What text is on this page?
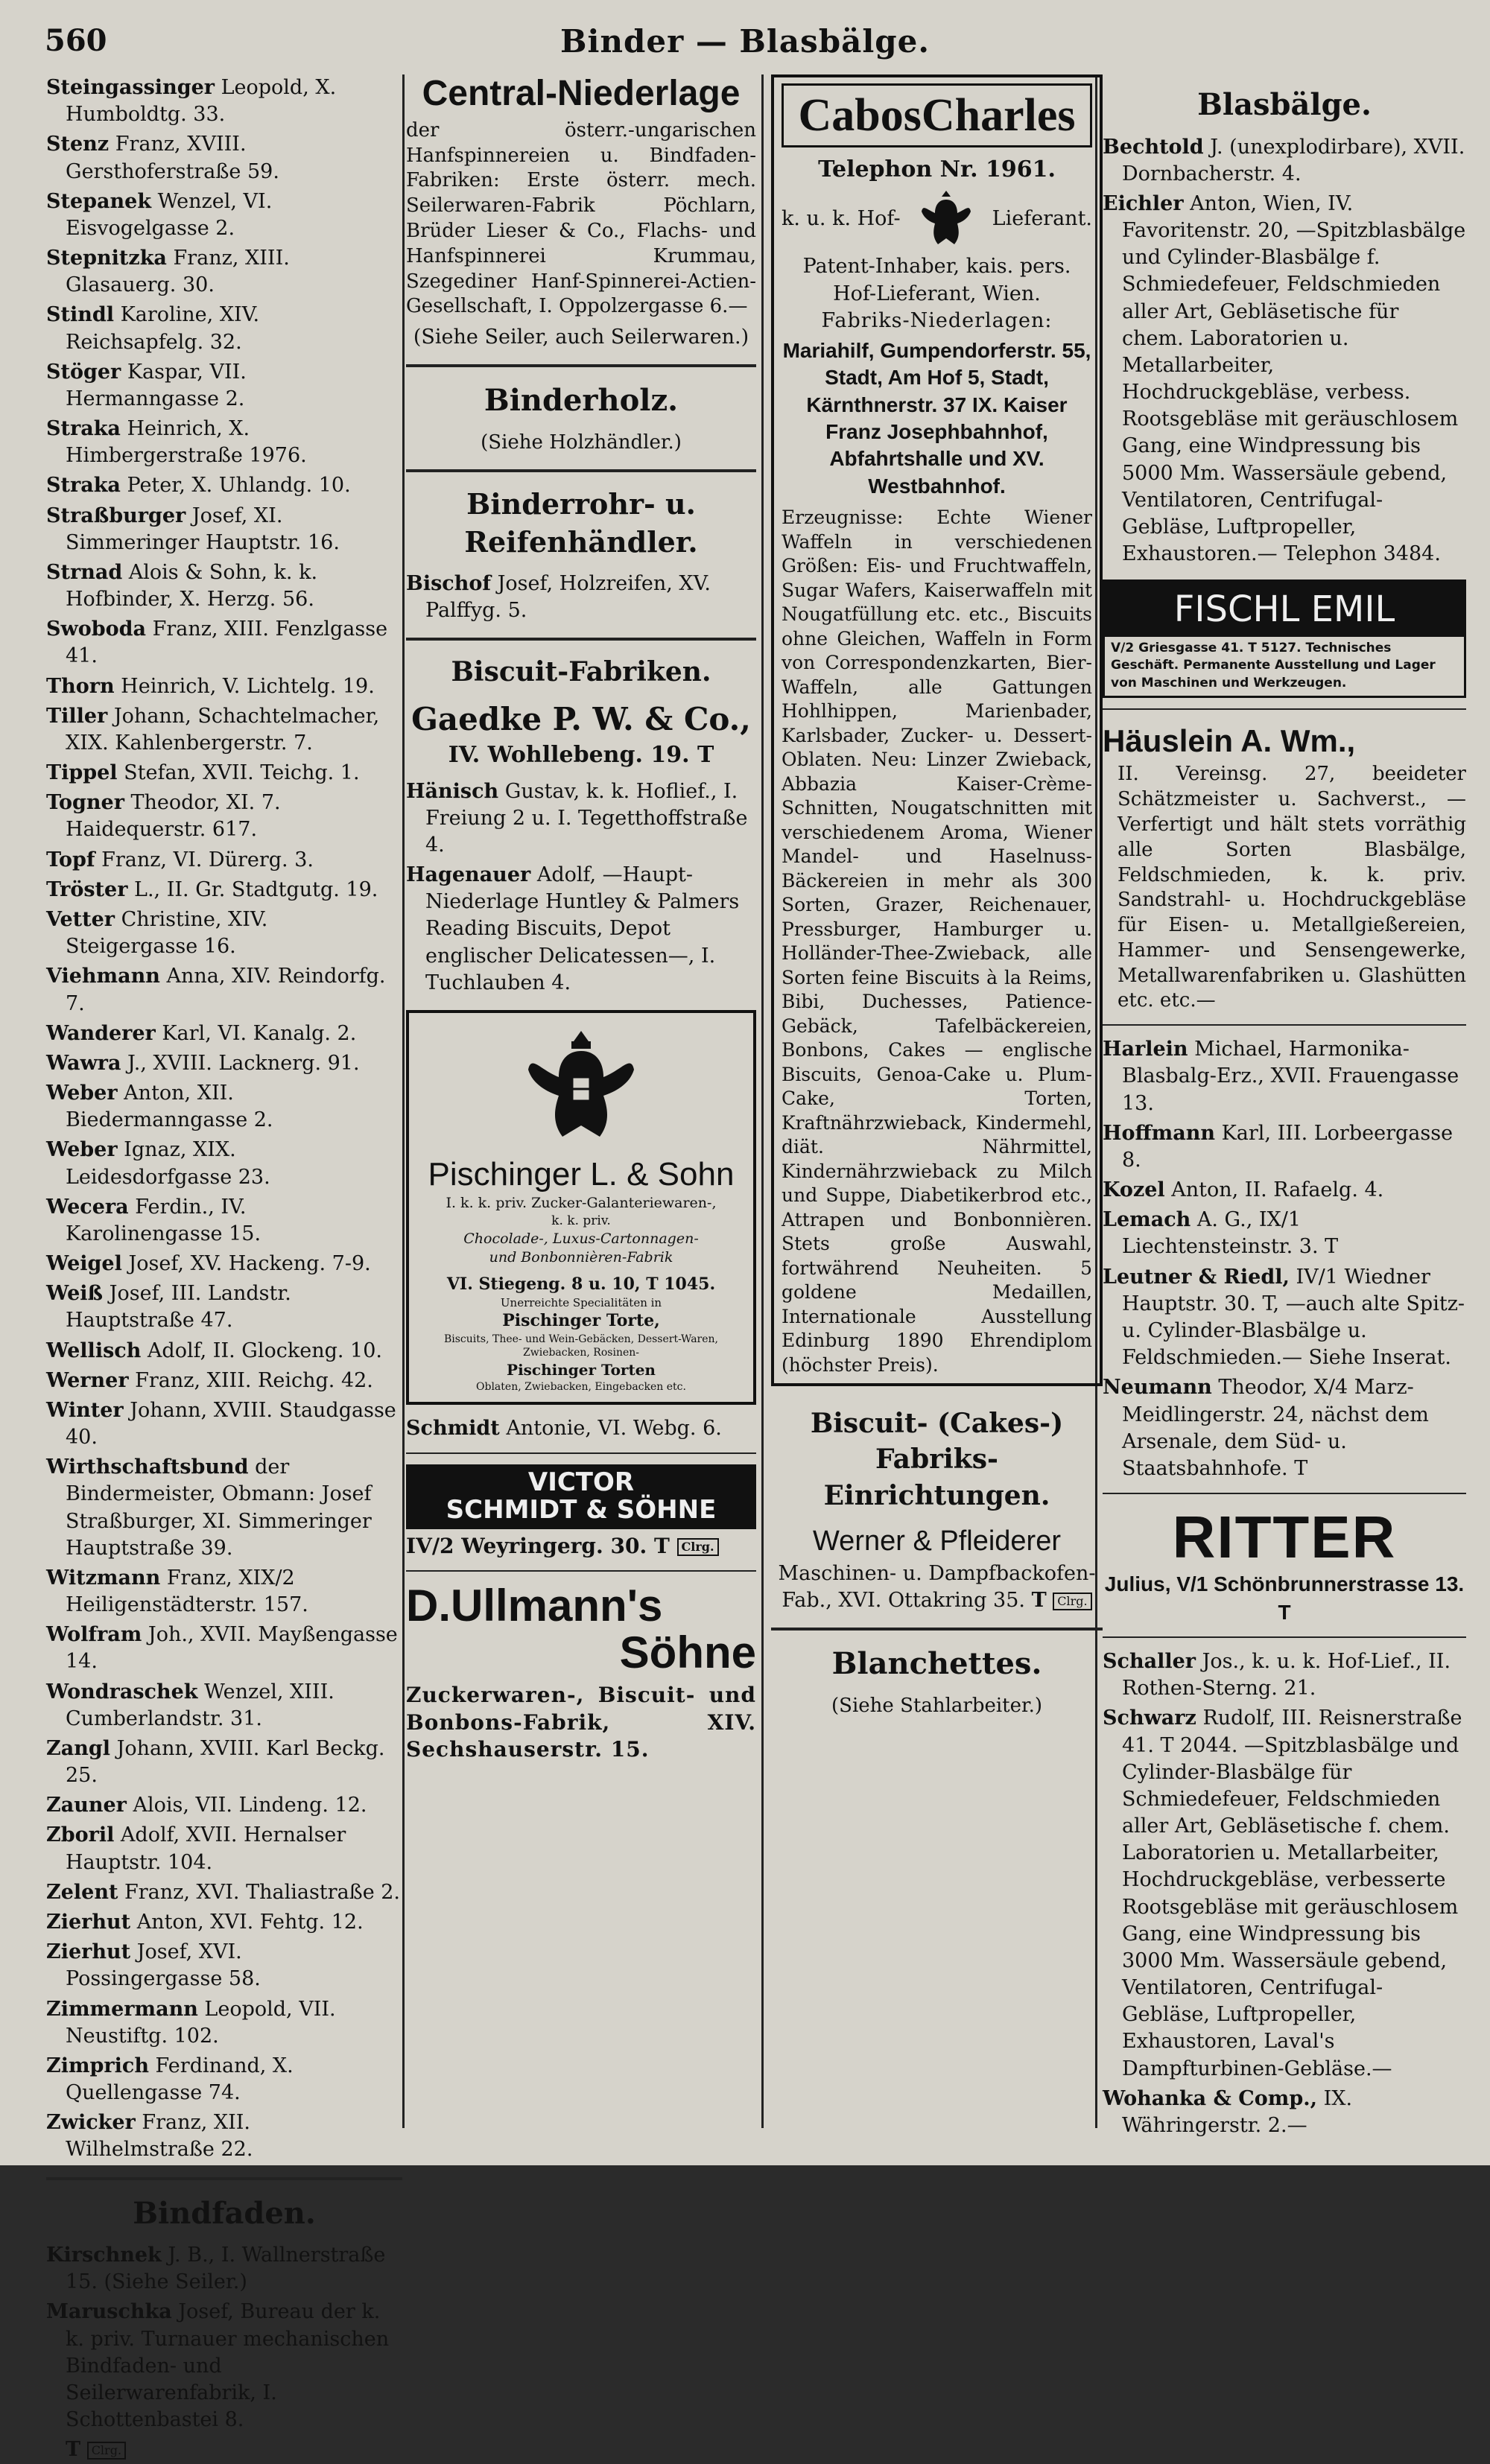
560	Binder — Blasbälge.
Steingassinger Leopold, X. Humboldtg. 33.
Stenz Franz, XVIII. Gersthoferstraße 59.
Stepanek Wenzel, VI. Eisvogelgasse 2.
Stepnitzka Franz, XIII. Glasauerg. 30.
Stindl Karoline, XIV. Reichsapfelg. 32.
Stöger Kaspar, VII. Hermanngasse 2.
Straka Heinrich, X. Himbergerstraße 1976.
Straka Peter, X. Uhlandg. 10.
Straßburger Josef, XI. Simmeringer Hauptstr. 16.
Strnad Alois & Sohn, k. k. Hofbinder, X. Herzg. 56.
Swoboda Franz, XIII. Fenzlgasse 41.
Thorn Heinrich, V. Lichtelg. 19.
Tiller Johann, Schachtelmacher, XIX. Kahlenbergerstr. 7.
Tippel Stefan, XVII. Teichg. 1.
Togner Theodor, XI. 7. Haidequerstr. 617.
Topf Franz, VI. Dürerg. 3.
Tröster L., II. Gr. Stadtgutg. 19.
Vetter Christine, XIV. Steigergasse 16.
Viehmann Anna, XIV. Reindorfg. 7.
Wanderer Karl, VI. Kanalg. 2.
Wawra J., XVIII. Lacknerg. 91.
Weber Anton, XII. Biedermanngasse 2.
Weber Ignaz, XIX. Leidesdorfgasse 23.
Wecera Ferdin., IV. Karolinengasse 15.
Weigel Josef, XV. Hackeng. 7-9.
Weiß Josef, III. Landstr. Hauptstraße 47.
Wellisch Adolf, II. Glockeng. 10.
Werner Franz, XIII. Reichg. 42.
Winter Johann, XVIII. Staudgasse 40.
Wirthschaftsbund der Bindermeister, Obmann: Josef Straßburger, XI. Simmeringer Hauptstraße 39.
Witzmann Franz, XIX/2 Heiligenstädterstr. 157.
Wolfram Joh., XVII. Mayßengasse 14.
Wondraschek Wenzel, XIII. Cumberlandstr. 31.
Zangl Johann, XVIII. Karl Beckg. 25.
Zauner Alois, VII. Lindeng. 12.
Zboril Adolf, XVII. Hernalser Hauptstr. 104.
Zelent Franz, XVI. Thaliastraße 2.
Zierhut Anton, XVI. Fehtg. 12.
Zierhut Josef, XVI. Possingergasse 58.
Zimmermann Leopold, VII. Neustiftg. 102.
Zimprich Ferdinand, X. Quellengasse 74.
Zwicker Franz, XII. Wilhelmstraße 22.
Bindfaden.
Kirschnek J. B., I. Wallnerstraße 15. (Siehe Seiler.)
Maruschka Josef, Bureau der k. k. priv. Turnauer mechanischen Bindfaden- und Seilerwarenfabrik, I. Schottenbastei 8.
T Clrg.
Central-Niederlage
der österr.-ungarischen Hanfspinnereien u. Bindfaden-Fabriken: Erste österr. mech. Seilerwaren-Fabrik Pöchlarn, Brüder Lieser & Co., Flachs- und Hanfspinnerei Krummau, Szegediner Hanf-Spinnerei-Actien-Gesellschaft, I. Oppolzergasse 6.—
(Siehe Seiler, auch Seilerwaren.)
Binderholz.
(Siehe Holzhändler.)
Binderrohr- u. Reifenhändler.
Bischof Josef, Holzreifen, XV. Palffyg. 5.
Biscuit-Fabriken.
Gaedke P. W. & Co.,
IV. Wohllebeng. 19. T
Hänisch Gustav, k. k. Hoflief., I. Freiung 2 u. I. Tegetthoffstraße 4.
Hagenauer Adolf, —Haupt-Niederlage Huntley & Palmers Reading Biscuits, Depot englischer Delicatessen—, I. Tuchlauben 4.
Pischinger L. & Sohn
I. k. k. priv. Zucker-Galanteriewaren-,
k. k. priv.
Chocolade-, Luxus-Cartonnagen-
und Bonbonnièren-Fabrik
VI. Stiegeng. 8 u. 10, T 1045.
Unerreichte Specialitäten in
Pischinger Torte,
Biscuits, Thee- und Wein-Gebäcken, Dessert-Waren, Zwiebacken, Rosinen-
Pischinger Torten
Oblaten, Zwiebacken, Eingebacken etc.
Schmidt Antonie, VI. Webg. 6.
VICTOR
SCHMIDT & SÖHNE
IV/2 Weyringerg. 30. T Clrg.
D.Ullmann's
Söhne
Zuckerwaren-, Biscuit- und Bonbons-Fabrik, XIV. Sechshauserstr. 15.
CabosCharles
Telephon Nr. 1961.
k. u. k. Hof-	Lieferant.
Patent-Inhaber, kais. pers. Hof-Lieferant, Wien.
Fabriks-Niederlagen:
Mariahilf, Gumpendorferstr. 55, Stadt, Am Hof 5, Stadt, Kärnthnerstr. 37 IX. Kaiser Franz Josephbahnhof, Abfahrtshalle und XV. Westbahnhof.
Erzeugnisse: Echte Wiener Waffeln in verschiedenen Größen: Eis- und Fruchtwaffeln, Sugar Wafers, Kaiserwaffeln mit Nougatfüllung etc. etc., Biscuits ohne Gleichen, Waffeln in Form von Correspondenzkarten, Bier-Waffeln, alle Gattungen Hohlhippen, Marienbader, Karlsbader, Zucker- u. Dessert-Oblaten. Neu: Linzer Zwieback, Abbazia Kaiser-Crème-Schnitten, Nougatschnitten mit verschiedenem Aroma, Wiener Mandel- und Haselnuss-Bäckereien in mehr als 300 Sorten, Grazer, Reichenauer, Pressburger, Hamburger u. Holländer-Thee-Zwieback, alle Sorten feine Biscuits à la Reims, Bibi, Duchesses, Patience-Gebäck, Tafelbäckereien, Bonbons, Cakes — englische Biscuits, Genoa-Cake u. Plum-Cake, Torten, Kraftnährzwieback, Kindermehl, diät. Nährmittel, Kindernährzwieback zu Milch und Suppe, Diabetikerbrod etc., Attrapen und Bonbonnièren. Stets große Auswahl, fortwährend Neuheiten. 5 goldene Medaillen, Internationale Ausstellung Edinburg 1890 Ehrendiplom (höchster Preis).
Biscuit- (Cakes-) Fabriks-Einrichtungen.
Werner & Pfleiderer
Maschinen- u. Dampfbackofen-Fab., XVI. Ottakring 35. T Clrg.
Blanchettes.
(Siehe Stahlarbeiter.)
Blasbälge.
Bechtold J. (unexplodirbare), XVII. Dornbacherstr. 4.
Eichler Anton, Wien, IV. Favoritenstr. 20, —Spitzblasbälge und Cylinder-Blasbälge f. Schmiedefeuer, Feldschmieden aller Art, Gebläsetische für chem. Laboratorien u. Metallarbeiter, Hochdruckgebläse, verbess. Rootsgebläse mit geräuschlosem Gang, eine Windpressung bis 5000 Mm. Wassersäule gebend, Ventilatoren, Centrifugal-Gebläse, Luftpropeller, Exhaustoren.— Telephon 3484.
FISCHL EMIL
V/2 Griesgasse 41. T 5127. Technisches Geschäft. Permanente Ausstellung und Lager von Maschinen und Werkzeugen.
Häuslein A. Wm.,
II. Vereinsg. 27, beeideter Schätzmeister u. Sachverst., —Verfertigt und hält stets vorräthig alle Sorten Blasbälge, Feldschmieden, k. k. priv. Sandstrahl- u. Hochdruckgebläse für Eisen- u. Metallgießereien, Hammer- und Sensengewerke, Metallwarenfabriken u. Glashütten etc. etc.—
Harlein Michael, Harmonika-Blasbalg-Erz., XVII. Frauengasse 13.
Hoffmann Karl, III. Lorbeergasse 8.
Kozel Anton, II. Rafaelg. 4.
Lemach A. G., IX/1 Liechtensteinstr. 3. T
Leutner & Riedl, IV/1 Wiedner Hauptstr. 30. T, —auch alte Spitz- u. Cylinder-Blasbälge u. Feldschmieden.— Siehe Inserat.
Neumann Theodor, X/4 Marz-Meidlingerstr. 24, nächst dem Arsenale, dem Süd- u. Staatsbahnhofe. T
RITTER
Julius, V/1 Schönbrunnerstrasse 13. T
Schaller Jos., k. u. k. Hof-Lief., II. Rothen-Sterng. 21.
Schwarz Rudolf, III. Reisnerstraße 41. T 2044. —Spitzblasbälge und Cylinder-Blasbälge für Schmiedefeuer, Feldschmieden aller Art, Gebläsetische f. chem. Laboratorien u. Metallarbeiter, Hochdruckgebläse, verbesserte Rootsgebläse mit geräuschlosem Gang, eine Windpressung bis 3000 Mm. Wassersäule gebend, Ventilatoren, Centrifugal-Gebläse, Luftpropeller, Exhaustoren, Laval's Dampfturbinen-Gebläse.—
Wohanka & Comp., IX. Währingerstr. 2.—
